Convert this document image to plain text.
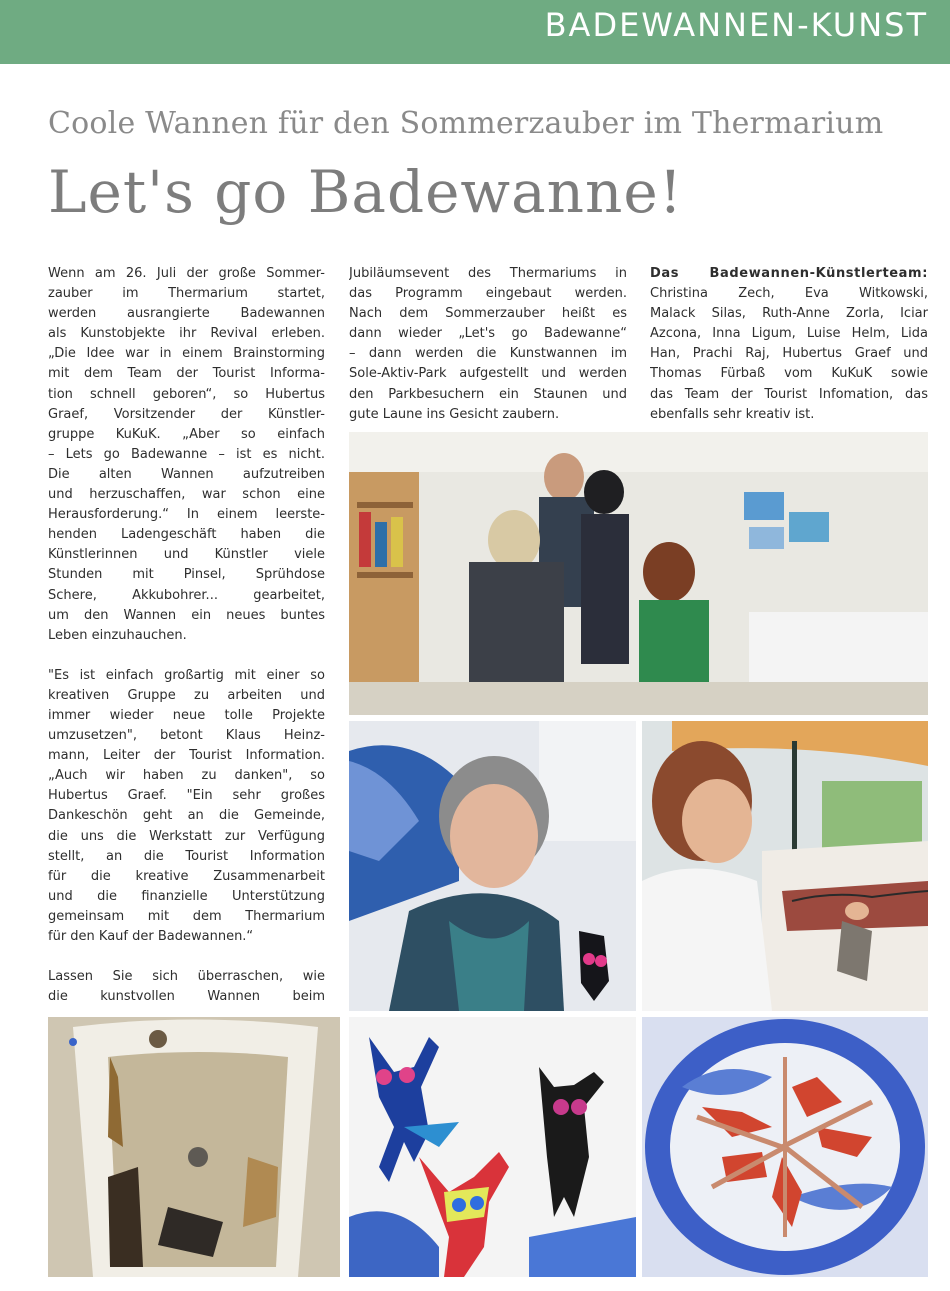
BADEWANNEN-KUNST
Coole Wannen für den Sommerzauber im Thermarium
Let's go Badewanne!

Wenn am 26. Juli der große Sommer-
zauber im Thermarium startet,
werden ausrangierte Badewannen
als Kunstobjekte ihr Revival erleben.
„Die Idee war in einem Brainstorming
mit dem Team der Tourist Informa-
tion schnell geboren“, so Hubertus
Graef, Vorsitzender der Künstler-
gruppe KuKuK. „Aber so einfach
– Lets go Badewanne – ist es nicht.
Die alten Wannen aufzutreiben
und herzuschaffen, war schon eine
Herausforderung.“ In einem leerste-
henden Ladengeschäft haben die
Künstlerinnen und Künstler viele
Stunden mit Pinsel, Sprühdose
Schere, Akkubohrer... gearbeitet,
um den Wannen ein neues buntes
Leben einzuhauchen.

"Es ist einfach großartig mit einer so
kreativen Gruppe zu arbeiten und
immer wieder neue tolle Projekte
umzusetzen", betont Klaus Heinz-
mann, Leiter der Tourist Information.
„Auch wir haben zu danken", so
Hubertus Graef. "Ein sehr großes
Dankeschön geht an die Gemeinde,
die uns die Werkstatt zur Verfügung
stellt, an die Tourist Information
für die kreative Zusammenarbeit
und die finanzielle Unterstützung
gemeinsam mit dem Thermarium
für den Kauf der Badewannen.“

Lassen Sie sich überraschen, wie
die kunstvollen Wannen beim

Jubiläumsevent des Thermariums in
das Programm eingebaut werden.
Nach dem Sommerzauber heißt es
dann wieder „Let's go Badewanne“
– dann werden die Kunstwannen im
Sole-Aktiv-Park aufgestellt und werden
den Parkbesuchern ein Staunen und
gute Laune ins Gesicht zaubern.

Das Badewannen-Künstlerteam:

Christina Zech, Eva Witkowski,
Malack Silas, Ruth-Anne Zorla, Iciar
Azcona, Inna Ligum, Luise Helm, Lida
Han, Prachi Raj, Hubertus Graef und
Thomas Fürbaß vom KuKuK sowie
das Team der Tourist Infomation, das
ebenfalls sehr kreativ ist.
